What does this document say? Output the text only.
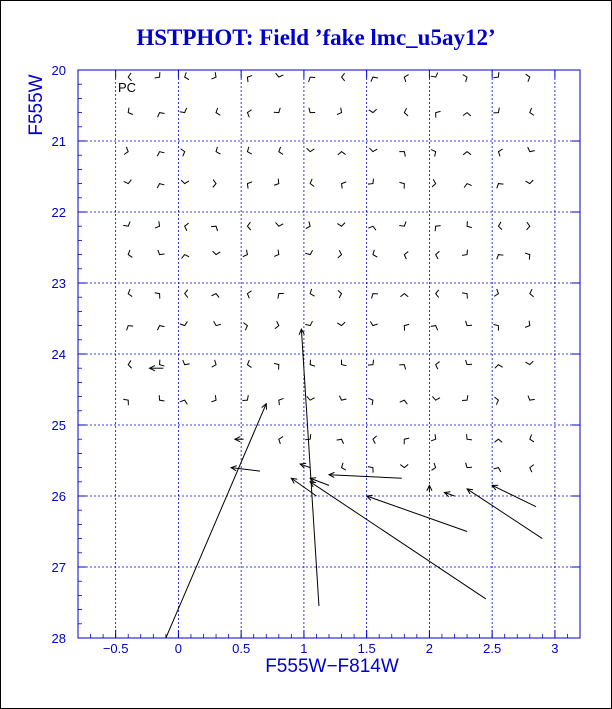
HSTPHOT: Field ’fake lmc_u5ay12’
−0.5	0	0.5	1	1.5	2	2.5	3
20
21
22
23
24
25
26
27
28
F555W−F814W
F555W	PC
